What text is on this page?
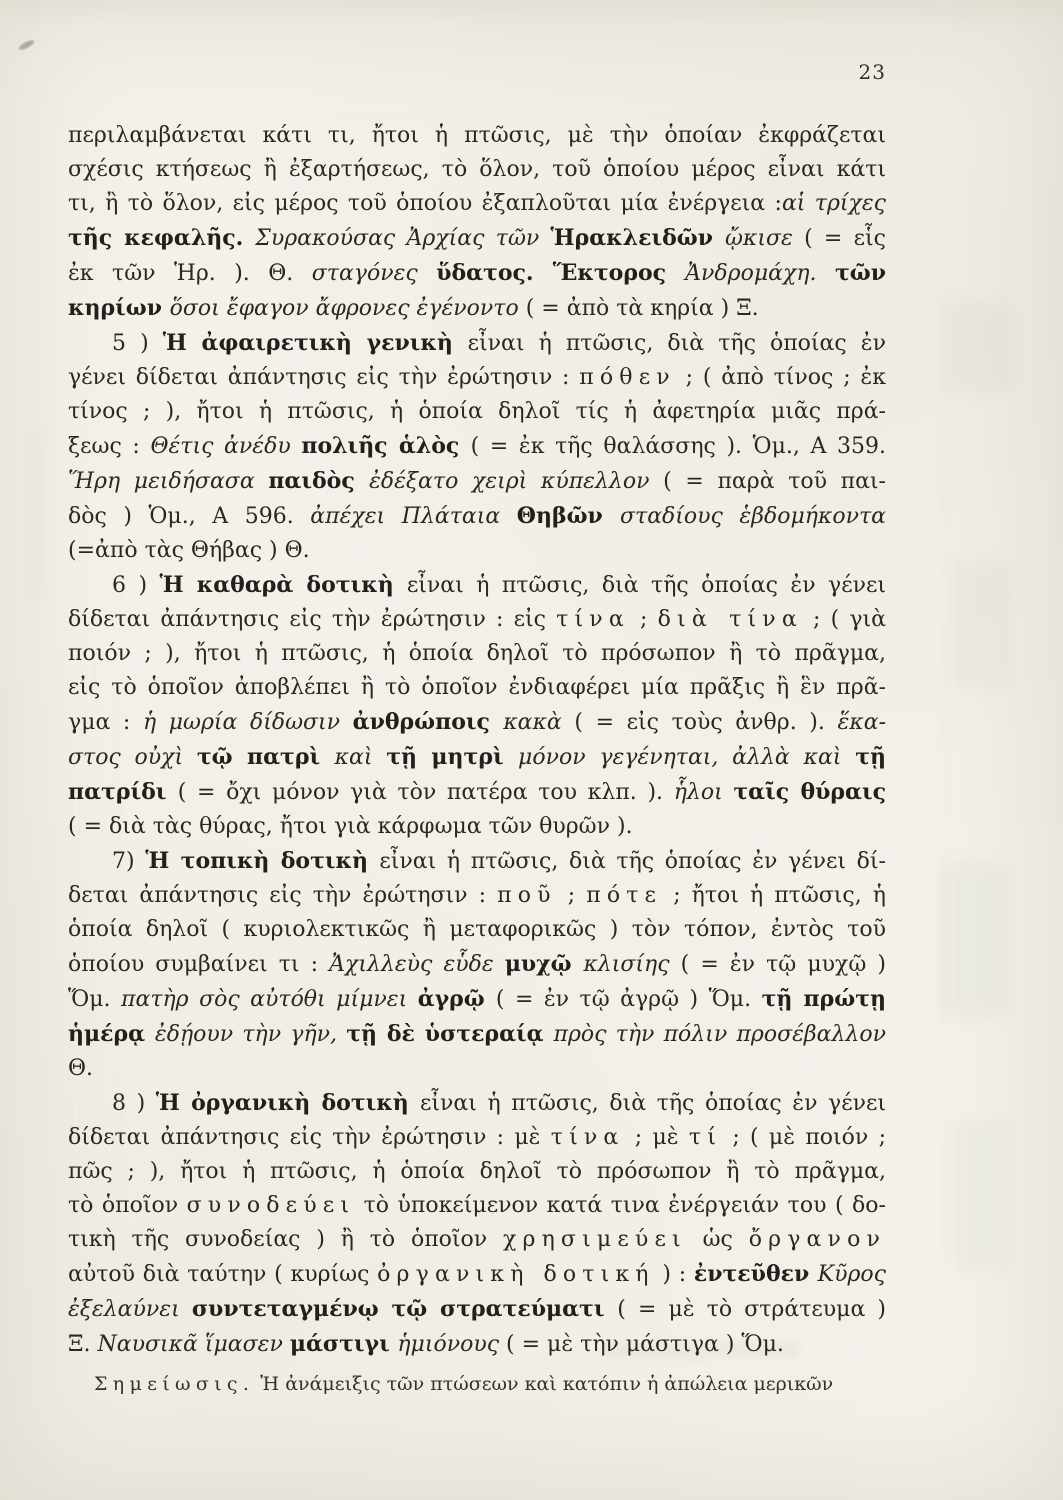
23
περιλαμβάνεται κάτι τι, ἤτοι ἡ πτῶσις, μὲ τὴν ὁποίαν ἐκφράζεται
σχέσις κτήσεως ἢ ἐξαρτήσεως, τὸ ὅλον, τοῦ ὁποίου μέρος εἶναι κάτι
τι, ἢ τὸ ὅλον, εἰς μέρος τοῦ ὁποίου ἐξαπλοῦται μία ἐνέργεια :αἱ τρίχες
τῆς κεφαλῆς. Συρακούσας Ἀρχίας τῶν Ἡρακλειδῶν ᾤκισε ( = εἷς
ἐκ τῶν Ἡρ. ). Θ. σταγόνες ὕδατος. Ἕκτορος Ἀνδρομάχη. τῶν
κηρίων ὅσοι ἔφαγον ἄφρονες ἐγένοντο ( = ἀπὸ τὰ κηρία ) Ξ.
5 ) Ἡ ἀφαιρετικὴ γενικὴ εἶναι ἡ πτῶσις, διὰ τῆς ὁποίας ἐν
γένει δίδεται ἀπάντησις εἰς τὴν ἐρώτησιν : πόθεν ; ( ἀπὸ τίνος ; ἐκ
τίνος ; ), ἤτοι ἡ πτῶσις, ἡ ὁποία δηλοῖ τίς ἡ ἀφετηρία μιᾶς πρά-
ξεως : Θέτις ἀνέδυ πολιῆς ἁλὸς ( = ἐκ τῆς θαλάσσης ). Ὁμ., Α 359.
Ἥρη μειδήσασα παιδὸς ἐδέξατο χειρὶ κύπελλον ( = παρὰ τοῦ παι-
δὸς ) Ὁμ., Α 596. ἀπέχει Πλάταια Θηβῶν σταδίους ἑβδομήκοντα
(=ἀπὸ τὰς Θήβας ) Θ.
6 ) Ἡ καθαρὰ δοτικὴ εἶναι ἡ πτῶσις, διὰ τῆς ὁποίας ἐν γένει
δίδεται ἀπάντησις εἰς τὴν ἐρώτησιν : εἰς τίνα ; διὰ τίνα ; ( γιὰ
ποιόν ; ), ἤτοι ἡ πτῶσις, ἡ ὁποία δηλοῖ τὸ πρόσωπον ἢ τὸ πρᾶγμα,
εἰς τὸ ὁποῖον ἀποβλέπει ἢ τὸ ὁποῖον ἐνδιαφέρει μία πρᾶξις ἢ ἓν πρᾶ-
γμα : ἡ μωρία δίδωσιν ἀνθρώποις κακὰ ( = εἰς τοὺς ἀνθρ. ). ἕκα-
στος οὐχὶ τῷ πατρὶ καὶ τῇ μητρὶ μόνον γεγένηται, ἀλλὰ καὶ τῇ
πατρίδι ( = ὄχι μόνον γιὰ τὸν πατέρα του κλπ. ). ἧλοι ταῖς θύραις
( = διὰ τὰς θύρας, ἤτοι γιὰ κάρφωμα τῶν θυρῶν ).
7) Ἡ τοπικὴ δοτικὴ εἶναι ἡ πτῶσις, διὰ τῆς ὁποίας ἐν γένει δί-
δεται ἀπάντησις εἰς τὴν ἐρώτησιν : ποῦ ; πότε ; ἤτοι ἡ πτῶσις, ἡ
ὁποία δηλοῖ ( κυριολεκτικῶς ἢ μεταφορικῶς ) τὸν τόπον, ἐντὸς τοῦ
ὁποίου συμβαίνει τι : Ἀχιλλεὺς εὗδε μυχῷ κλισίης ( = ἐν τῷ μυχῷ )
Ὅμ. πατὴρ σὸς αὐτόθι μίμνει ἀγρῷ ( = ἐν τῷ ἀγρῷ ) Ὅμ. τῇ πρώτῃ
ἡμέρᾳ ἐδῄουν τὴν γῆν, τῇ δὲ ὑστεραίᾳ πρὸς τὴν πόλιν προσέβαλλον Θ.
8 ) Ἡ ὀργανικὴ δοτικὴ εἶναι ἡ πτῶσις, διὰ τῆς ὁποίας ἐν γένει
δίδεται ἀπάντησις εἰς τὴν ἐρώτησιν : μὲ τίνα ; μὲ τί ; ( μὲ ποιόν ;
πῶς ; ), ἤτοι ἡ πτῶσις, ἡ ὁποία δηλοῖ τὸ πρόσωπον ἢ τὸ πρᾶγμα,
τὸ ὁποῖον συνοδεύει τὸ ὑποκείμενον κατά τινα ἐνέργειάν του ( δο-
τικὴ τῆς συνοδείας ) ἢ τὸ ὁποῖον χρησιμεύει ὡς ὄργανον
αὐτοῦ διὰ ταύτην ( κυρίως ὀργανικὴ δοτική ) : ἐντεῦθεν Κῦρος
ἐξελαύνει συντεταγμένῳ τῷ στρατεύματι ( = μὲ τὸ στράτευμα )
Ξ. Ναυσικᾶ ἵμασεν μάστιγι ἡμιόνους ( = μὲ τὴν μάστιγα ) Ὅμ.
Σημείωσις. Ἡ ἀνάμειξις τῶν πτώσεων καὶ κατόπιν ἡ ἀπώλεια μερικῶν
